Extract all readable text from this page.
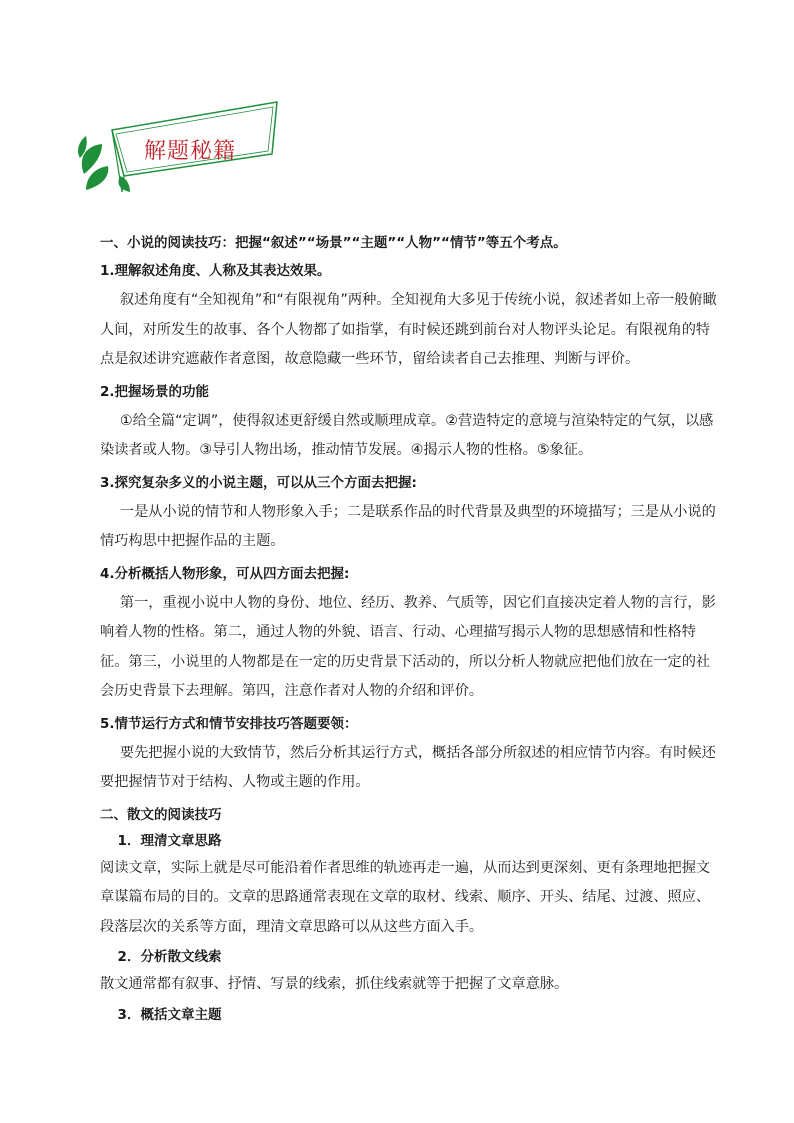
解题秘籍

一、小说的阅读技巧：把握“叙述”“场景”“主题”“人物”“情节”等五个考点。

1.理解叙述角度、人称及其表达效果。

叙述角度有“全知视角”和“有限视角”两种。全知视角大多见于传统小说，叙述者如上帝一般俯瞰人间，对所发生的故事、各个人物都了如指掌，有时候还跳到前台对人物评头论足。有限视角的特点是叙述讲究遮蔽作者意图，故意隐藏一些环节，留给读者自己去推理、判断与评价。

2.把握场景的功能

①给全篇“定调”，使得叙述更舒缓自然或顺理成章。②营造特定的意境与渲染特定的气氛，以感染读者或人物。③导引人物出场，推动情节发展。④揭示人物的性格。⑤象征。

3.探究复杂多义的小说主题，可以从三个方面去把握:

一是从小说的情节和人物形象入手；二是联系作品的时代背景及典型的环境描写；三是从小说的情巧构思中把握作品的主题。

4.分析概括人物形象，可从四方面去把握:

第一，重视小说中人物的身份、地位、经历、教养、气质等，因它们直接决定着人物的言行，影响着人物的性格。第二，通过人物的外貌、语言、行动、心理描写揭示人物的思想感情和性格特征。第三，小说里的人物都是在一定的历史背景下活动的，所以分析人物就应把他们放在一定的社会历史背景下去理解。第四，注意作者对人物的介绍和评价。

5.情节运行方式和情节安排技巧答题要领：

要先把握小说的大致情节，然后分析其运行方式，概括各部分所叙述的相应情节内容。有时候还要把握情节对于结构、人物或主题的作用。

二、散文的阅读技巧

1．理清文章思路

阅读文章，实际上就是尽可能沿着作者思维的轨迹再走一遍，从而达到更深刻、更有条理地把握文章谋篇布局的目的。文章的思路通常表现在文章的取材、线索、顺序、开头、结尾、过渡、照应、段落层次的关系等方面，理清文章思路可以从这些方面入手。

2．分析散文线索

散文通常都有叙事、抒情、写景的线索，抓住线索就等于把握了文章意脉。

3．概括文章主题
